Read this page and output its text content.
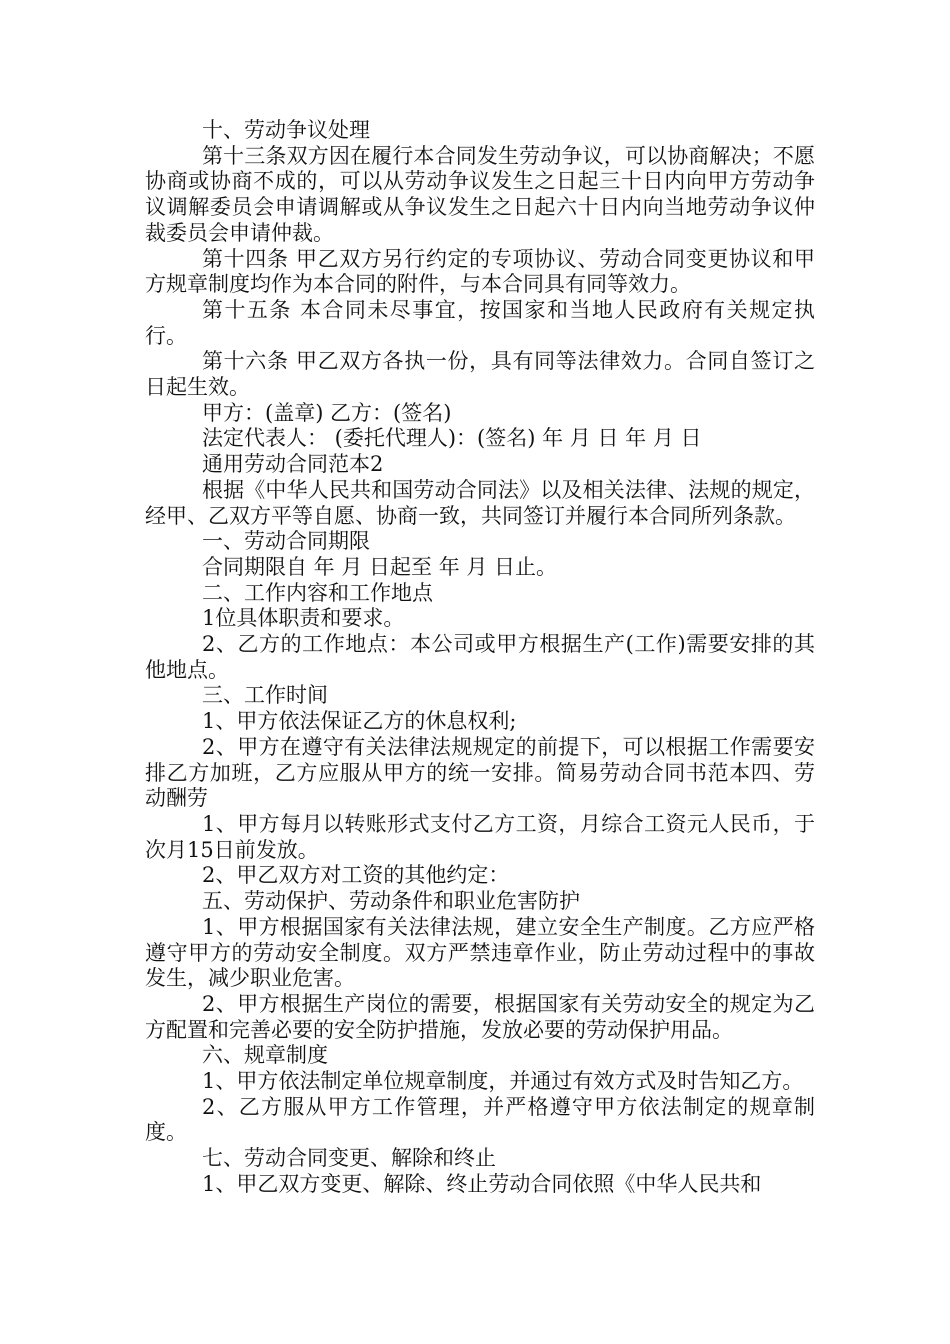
十、劳动争议处理

第十三条双方因在履行本合同发生劳动争议，可以协商解决；不愿协商或协商不成的，可以从劳动争议发生之日起三十日内向甲方劳动争议调解委员会申请调解或从争议发生之日起六十日内向当地劳动争议仲裁委员会申请仲裁。

第十四条 甲乙双方另行约定的专项协议、劳动合同变更协议和甲方规章制度均作为本合同的附件，与本合同具有同等效力。

第十五条 本合同未尽事宜，按国家和当地人民政府有关规定执行。

第十六条 甲乙双方各执一份，具有同等法律效力。合同自签订之日起生效。

甲方：(盖章) 乙方：(签名)

法定代表人： (委托代理人)：(签名) 年 月 日 年 月 日

通用劳动合同范本2

根据《中华人民共和国劳动合同法》以及相关法律、法规的规定，经甲、乙双方平等自愿、协商一致，共同签订并履行本合同所列条款。

一、劳动合同期限

合同期限自 年 月 日起至 年 月 日止。

二、工作内容和工作地点

1位具体职责和要求。

2、乙方的工作地点：本公司或甲方根据生产(工作)需要安排的其他地点。

三、工作时间

1、甲方依法保证乙方的休息权利;

2、甲方在遵守有关法律法规规定的前提下，可以根据工作需要安排乙方加班，乙方应服从甲方的统一安排。简易劳动合同书范本四、劳动酬劳

1、甲方每月以转账形式支付乙方工资，月综合工资元人民币，于次月15日前发放。

2、甲乙双方对工资的其他约定：

五、劳动保护、劳动条件和职业危害防护

1、甲方根据国家有关法律法规，建立安全生产制度。乙方应严格遵守甲方的劳动安全制度。双方严禁违章作业，防止劳动过程中的事故发生，减少职业危害。

2、甲方根据生产岗位的需要，根据国家有关劳动安全的规定为乙方配置和完善必要的安全防护措施，发放必要的劳动保护用品。

六、规章制度

1、甲方依法制定单位规章制度，并通过有效方式及时告知乙方。

2、乙方服从甲方工作管理，并严格遵守甲方依法制定的规章制度。

七、劳动合同变更、解除和终止

1、甲乙双方变更、解除、终止劳动合同依照《中华人民共和
